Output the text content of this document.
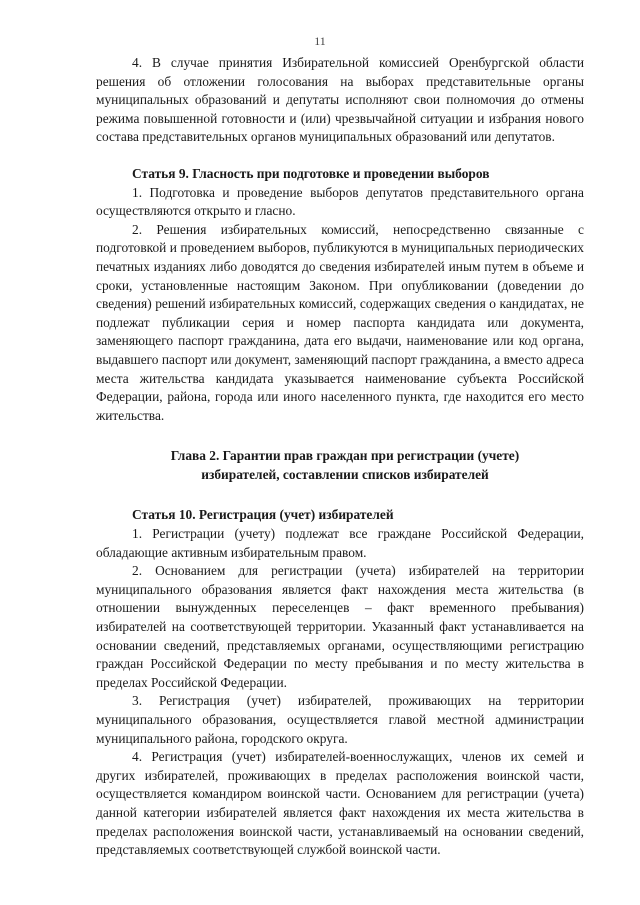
11

4. В случае принятия Избирательной комиссией Оренбургской области решения об отложении голосования на выборах представительные органы муниципальных образований и депутаты исполняют свои полномочия до отмены режима повышенной готовности и (или) чрезвычайной ситуации и избрания нового состава представительных органов муниципальных образований или депутатов.

Статья 9. Гласность при подготовке и проведении выборов

1. Подготовка и проведение выборов депутатов представительного органа осуществляются открыто и гласно.

2. Решения избирательных комиссий, непосредственно связанные с подготовкой и проведением выборов, публикуются в муниципальных периодических печатных изданиях либо доводятся до сведения избирателей иным путем в объеме и сроки, установленные настоящим Законом. При опубликовании (доведении до сведения) решений избирательных комиссий, содержащих сведения о кандидатах, не подлежат публикации серия и номер паспорта кандидата или документа, заменяющего паспорт гражданина, дата его выдачи, наименование или код органа, выдавшего паспорт или документ, заменяющий паспорт гражданина, а вместо адреса места жительства кандидата указывается наименование субъекта Российской Федерации, района, города или иного населенного пункта, где находится его место жительства.

Глава 2. Гарантии прав граждан при регистрации (учете)
избирателей, составлении списков избирателей
Статья 10. Регистрация (учет) избирателей

1. Регистрации (учету) подлежат все граждане Российской Федерации, обладающие активным избирательным правом.

2. Основанием для регистрации (учета) избирателей на территории муниципального образования является факт нахождения места жительства (в отношении вынужденных переселенцев – факт временного пребывания) избирателей на соответствующей территории. Указанный факт устанавливается на основании сведений, представляемых органами, осуществляющими регистрацию граждан Российской Федерации по месту пребывания и по месту жительства в пределах Российской Федерации.

3. Регистрация (учет) избирателей, проживающих на территории муниципального образования, осуществляется главой местной администрации муниципального района, городского округа.

4. Регистрация (учет) избирателей-военнослужащих, членов их семей и других избирателей, проживающих в пределах расположения воинской части, осуществляется командиром воинской части. Основанием для регистрации (учета) данной категории избирателей является факт нахождения их места жительства в пределах расположения воинской части, устанавливаемый на основании сведений, представляемых соответствующей службой воинской части.
